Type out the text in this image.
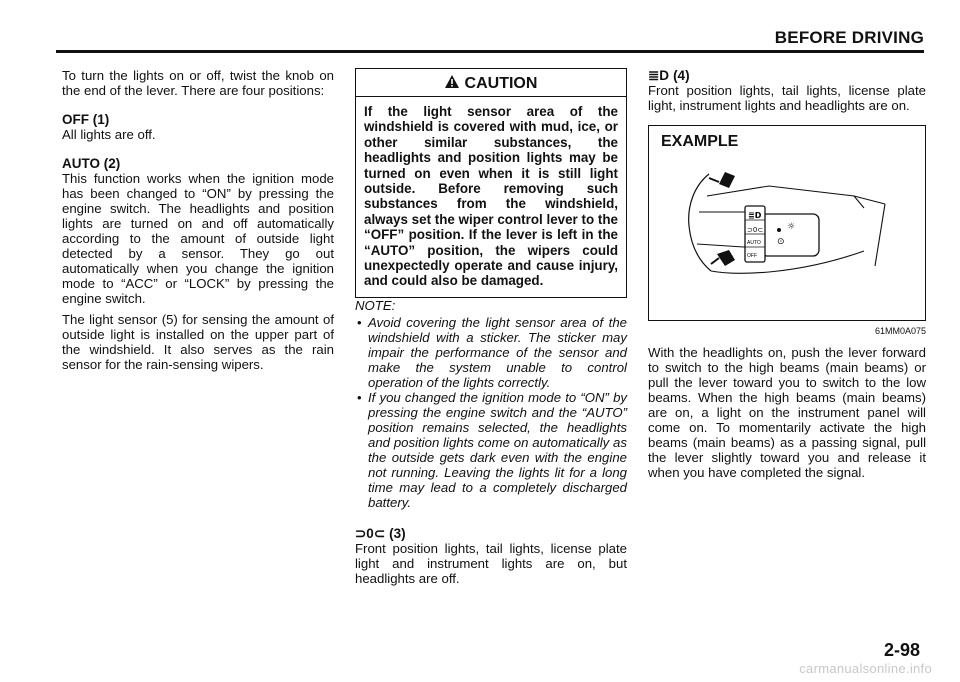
BEFORE DRIVING

To turn the lights on or off, twist the knob on the end of the lever. There are four positions:

OFF (1)

All lights are off.

AUTO (2)

This function works when the ignition mode has been changed to “ON” by pressing the engine switch. The headlights and position lights are turned on and off automatically according to the amount of outside light detected by a sensor. They go out automatically when you change the ignition mode to “ACC” or “LOCK” by pressing the engine switch.

The light sensor (5) for sensing the amount of outside light is installed on the upper part of the windshield. It also serves as the rain sensor for the rain-sensing wipers.

CAUTION
If the light sensor area of the windshield is covered with mud, ice, or other similar substances, the headlights and position lights may be turned on even when it is still light outside. Before removing such substances from the windshield, always set the wiper control lever to the “OFF” position. If the lever is left in the “AUTO” position, the wipers could unexpectedly operate and cause injury, and could also be damaged.

NOTE:

• Avoid covering the light sensor area of the windshield with a sticker. The sticker may impair the performance of the sensor and make the system unable to control operation of the lights correctly.
• If you changed the ignition mode to “ON” by pressing the engine switch and the “AUTO” position remains selected, the headlights and position lights come on automatically as the outside gets dark even with the engine not running. Leaving the lights lit for a long time may lead to a completely discharged battery.

⊃0⊂ (3)

Front position lights, tail lights, license plate light and instrument lights are on, but headlights are off.

≣D (4)

Front position lights, tail lights, license plate light, instrument lights and headlights are on.

EXAMPLE
≣D
⊃0⊂
AUTO
OFF
☼
⊙
61MM0A075

With the headlights on, push the lever forward to switch to the high beams (main beams) or pull the lever toward you to switch to the low beams. When the high beams (main beams) are on, a light on the instrument panel will come on. To momentarily activate the high beams (main beams) as a passing signal, pull the lever slightly toward you and release it when you have completed the signal.

2-98
carmanualsonline.info
